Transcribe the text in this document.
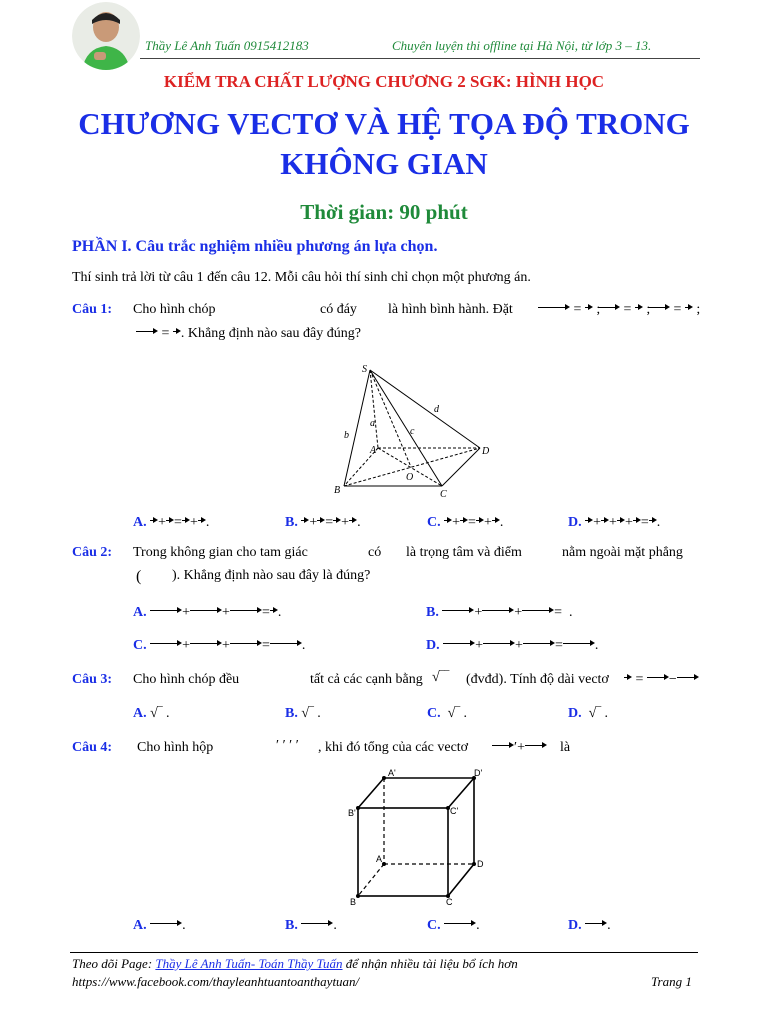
Thầy Lê Anh Tuấn 0915412183	Chuyên luyện thi offline tại Hà Nội, từ lớp 3 – 13.
KIỂM TRA CHẤT LƯỢNG CHƯƠNG 2 SGK: HÌNH HỌC
CHƯƠNG VECTƠ VÀ HỆ TỌA ĐỘ TRONG
KHÔNG GIAN
Thời gian: 90 phút
PHẦN I. Câu trắc nghiệm nhiều phương án lựa chọn.
Thí sinh trả lời từ câu 1 đến câu 12. Mỗi câu hỏi thí sinh chỉ chọn một phương án.
Câu 1: Cho hình chóp	có đáy là hình bình hành. Đặt	=  ;	=  ;	=  ;
= . Khẳng định nào sau đây đúng?
S
A
B	C
D
O
a
b	c
d
A. + = + .	B. + = + .	C. + = + .	D. + + + = .
Câu 2: Trong không gian cho tam giác	có là trọng tâm và điểm	nằm ngoài mặt phẳng
( ). Khẳng định nào sau đây là đúng?
A.	+ + = .	B.	+ + =  .
C.	+ + = .	D.	+ + = .
Câu 3: Cho hình chóp đều	tất cả các cạnh bằng √‾‾ (đvđd). Tính độ dài vectơ	= −
A. √‾ .	B. √‾ .	C.  √‾ .	D.  √‾ .
Câu 4: Cho hình hộp	′ ′ ′ ′ , khi đó tổng của các vectơ	′+	là
A'	D'
B'	C'
A	D
B	C
A.	.	B.	.	C.	.	D. .
Theo dõi Page: Thầy Lê Anh Tuấn- Toán Thầy Tuấn để nhận nhiều tài liệu bổ ích hơn
https://www.facebook.com/thayleanhtuantoanthaytuan/	Trang 1
